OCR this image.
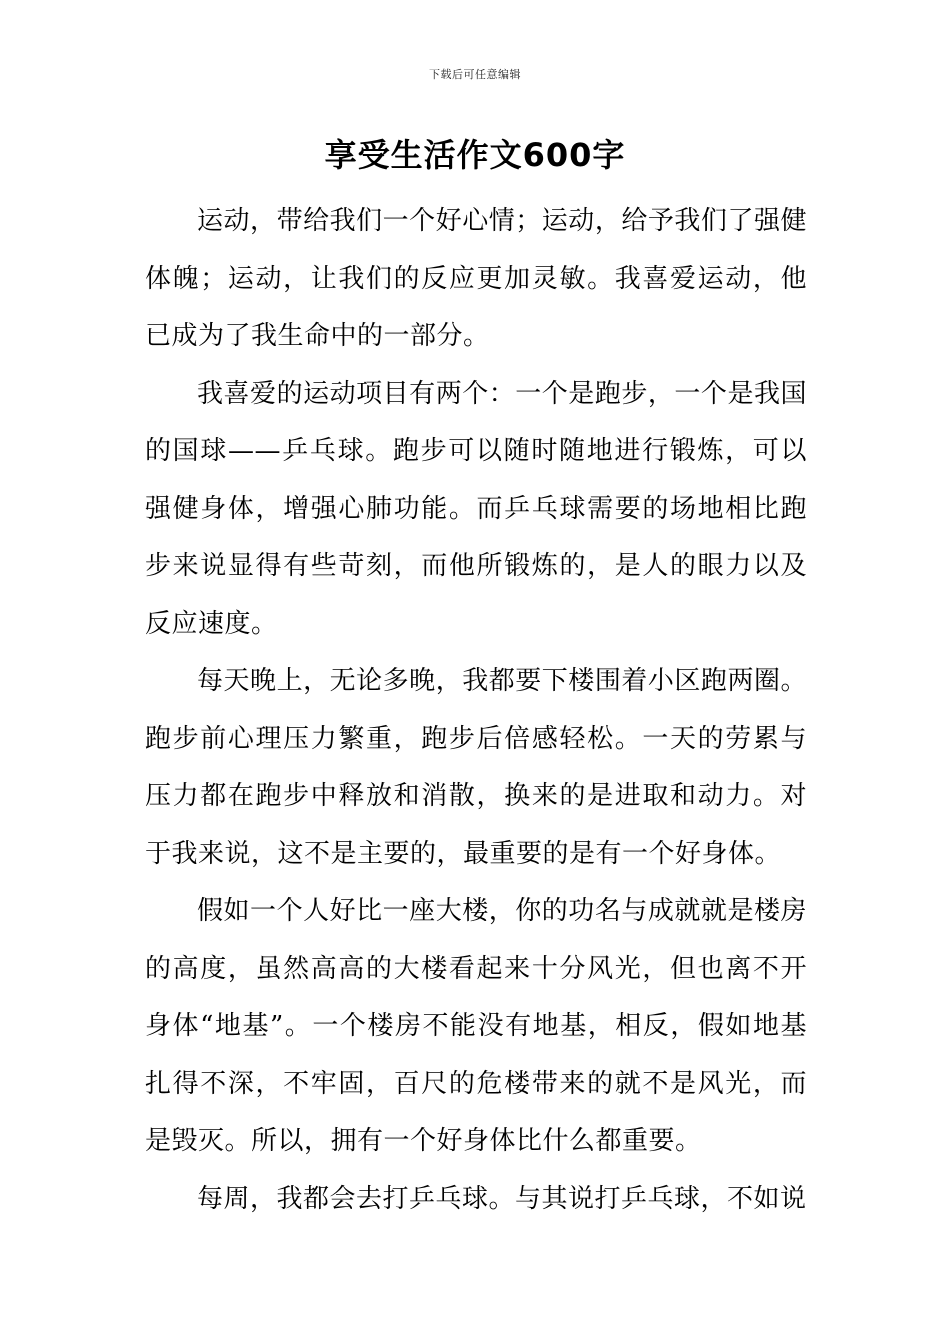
下载后可任意编辑
享受生活作文600字

运动，带给我们一个好心情；运动，给予我们了强健体魄；运动，让我们的反应更加灵敏。我喜爱运动，他已成为了我生命中的一部分。

我喜爱的运动项目有两个：一个是跑步，一个是我国的国球——乒乓球。跑步可以随时随地进行锻炼，可以强健身体，增强心肺功能。而乒乓球需要的场地相比跑步来说显得有些苛刻，而他所锻炼的，是人的眼力以及反应速度。

每天晚上，无论多晚，我都要下楼围着小区跑两圈。跑步前心理压力繁重，跑步后倍感轻松。一天的劳累与压力都在跑步中释放和消散，换来的是进取和动力。对于我来说，这不是主要的，最重要的是有一个好身体。

假如一个人好比一座大楼，你的功名与成就就是楼房的高度，虽然高高的大楼看起来十分风光，但也离不开身体“地基”。一个楼房不能没有地基，相反，假如地基扎得不深，不牢固，百尺的危楼带来的就不是风光，而是毁灭。所以，拥有一个好身体比什么都重要。

每周，我都会去打乒乓球。与其说打乒乓球，不如说
